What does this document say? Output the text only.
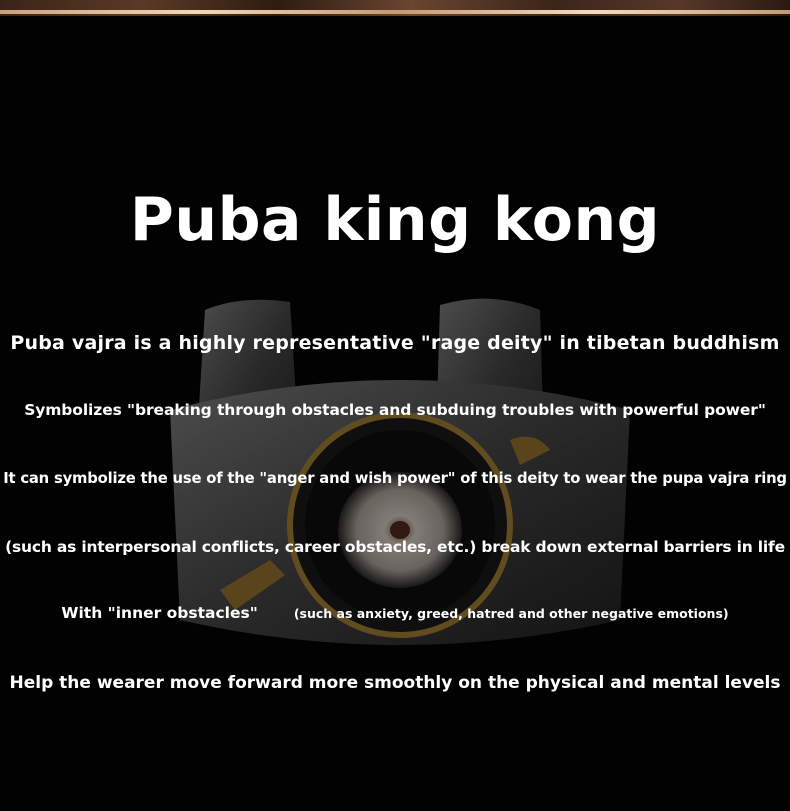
Puba king kong

Puba vajra is a highly representative "rage deity" in tibetan buddhism

Symbolizes "breaking through obstacles and subduing troubles with powerful power"

It can symbolize the use of the "anger and wish power" of this deity to wear the pupa vajra ring

(such as interpersonal conflicts, career obstacles, etc.) break down external barriers in life

With "inner obstacles"	(such as anxiety, greed, hatred and other negative emotions)

Help the wearer move forward more smoothly on the physical and mental levels
